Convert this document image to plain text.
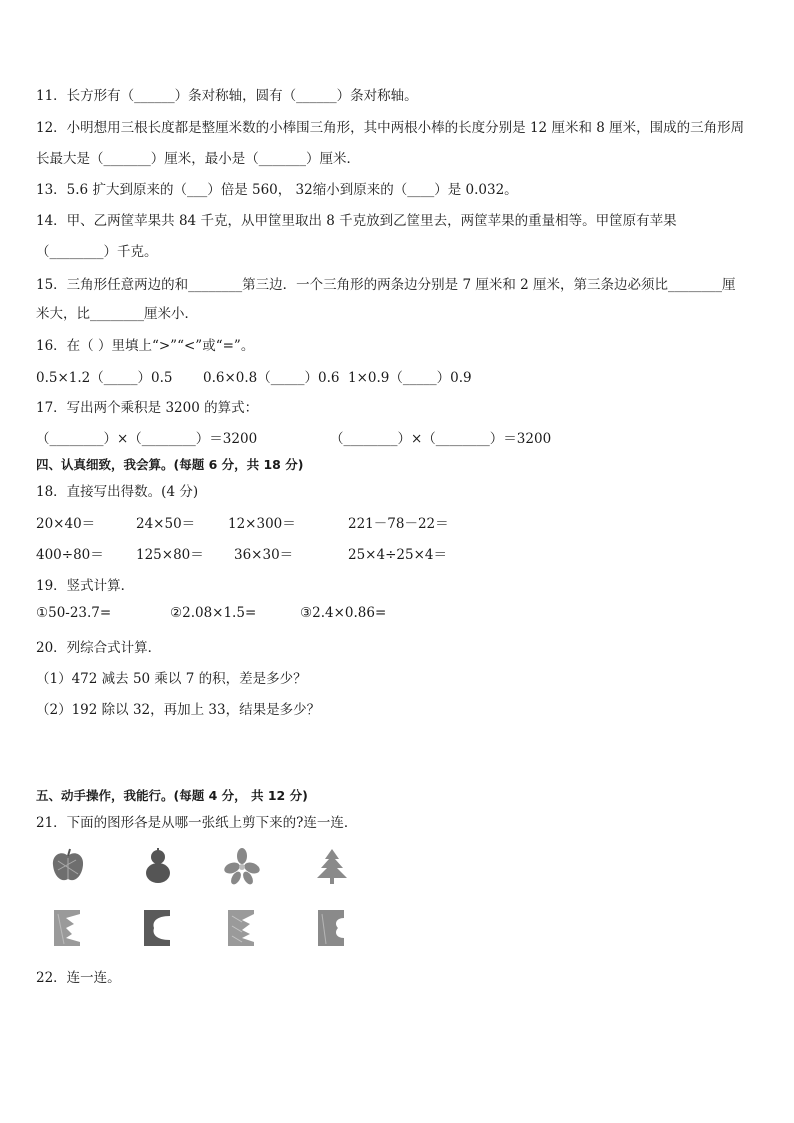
11．长方形有（______）条对称轴，圆有（______）条对称轴。
12．小明想用三根长度都是整厘米数的小棒围三角形，其中两根小棒的长度分别是 12 厘米和 8 厘米，围成的三角形周
长最大是（_______）厘米，最小是（_______）厘米．
13．5.6 扩大到原来的（___）倍是 560， 32缩小到原来的（____）是 0.032。
14．甲、乙两筐苹果共 84 千克，从甲筐里取出 8 千克放到乙筐里去，两筐苹果的重量相等。甲筐原有苹果
（________）千克。
15．三角形任意两边的和________第三边．一个三角形的两条边分别是 7 厘米和 2 厘米，第三条边必须比________厘
米大，比________厘米小．
16．在（ ）里填上“>”“<”或“=”。
0.5×1.2（_____）0.5 0.6×0.8（_____）0.6 1×0.9（_____）0.9
17．写出两个乘积是 3200 的算式：
（________）×（________）＝3200	（________）×（________）＝3200
四、认真细致，我会算。(每题 6 分，共 18 分)
18．直接写出得数。(4 分)
20×40＝	24×50＝ 12×300＝	221－78－22＝
400÷80＝ 125×80＝ 36×30＝	25×4÷25×4＝
19．竖式计算．
①50-23.7=	②2.08×1.5=	③2.4×0.86=
20．列综合式计算．
（1）472 减去 50 乘以 7 的积，差是多少？
（2）192 除以 32，再加上 33，结果是多少？
五、动手操作，我能行。(每题 4 分， 共 12 分)
21．下面的图形各是从哪一张纸上剪下来的?连一连．
22．连一连。
